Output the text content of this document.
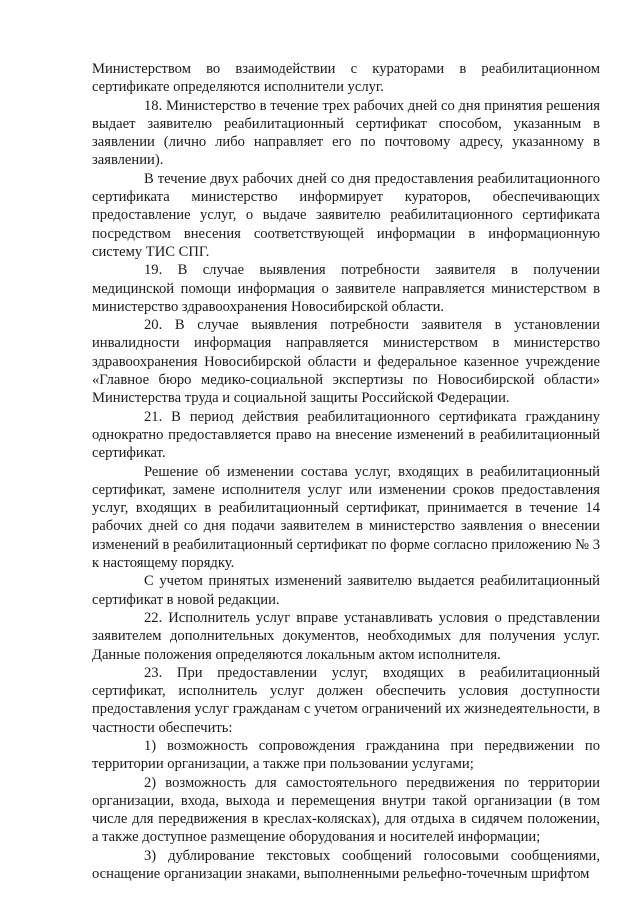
Министерством во взаимодействии с кураторами в реабилитационном сертификате определяются исполнители услуг.

18. Министерство в течение трех рабочих дней со дня принятия решения выдает заявителю реабилитационный сертификат способом, указанным в заявлении (лично либо направляет его по почтовому адресу, указанному в заявлении).

В течение двух рабочих дней со дня предоставления реабилитационного сертификата министерство информирует кураторов, обеспечивающих предоставление услуг, о выдаче заявителю реабилитационного сертификата посредством внесения соответствующей информации в информационную систему ТИС СПГ.

19. В случае выявления потребности заявителя в получении медицинской помощи информация о заявителе направляется министерством в министерство здравоохранения Новосибирской области.

20. В случае выявления потребности заявителя в установлении инвалидности информация направляется министерством в министерство здравоохранения Новосибирской области и федеральное казенное учреждение «Главное бюро медико-социальной экспертизы по Новосибирской области» Министерства труда и социальной защиты Российской Федерации.

21. В период действия реабилитационного сертификата гражданину однократно предоставляется право на внесение изменений в реабилитационный сертификат.

Решение об изменении состава услуг, входящих в реабилитационный сертификат, замене исполнителя услуг или изменении сроков предоставления услуг, входящих в реабилитационный сертификат, принимается в течение 14 рабочих дней со дня подачи заявителем в министерство заявления о внесении изменений в реабилитационный сертификат по форме согласно приложению № 3 к настоящему порядку.

С учетом принятых изменений заявителю выдается реабилитационный сертификат в новой редакции.

22. Исполнитель услуг вправе устанавливать условия о представлении заявителем дополнительных документов, необходимых для получения услуг. Данные положения определяются локальным актом исполнителя.

23. При предоставлении услуг, входящих в реабилитационный сертификат, исполнитель услуг должен обеспечить условия доступности предоставления услуг гражданам с учетом ограничений их жизнедеятельности, в частности обеспечить:

1) возможность сопровождения гражданина при передвижении по территории организации, а также при пользовании услугами;

2) возможность для самостоятельного передвижения по территории организации, входа, выхода и перемещения внутри такой организации (в том числе для передвижения в креслах-колясках), для отдыха в сидячем положении, а также доступное размещение оборудования и носителей информации;

3) дублирование текстовых сообщений голосовыми сообщениями, оснащение организации знаками, выполненными рельефно-точечным шрифтом
